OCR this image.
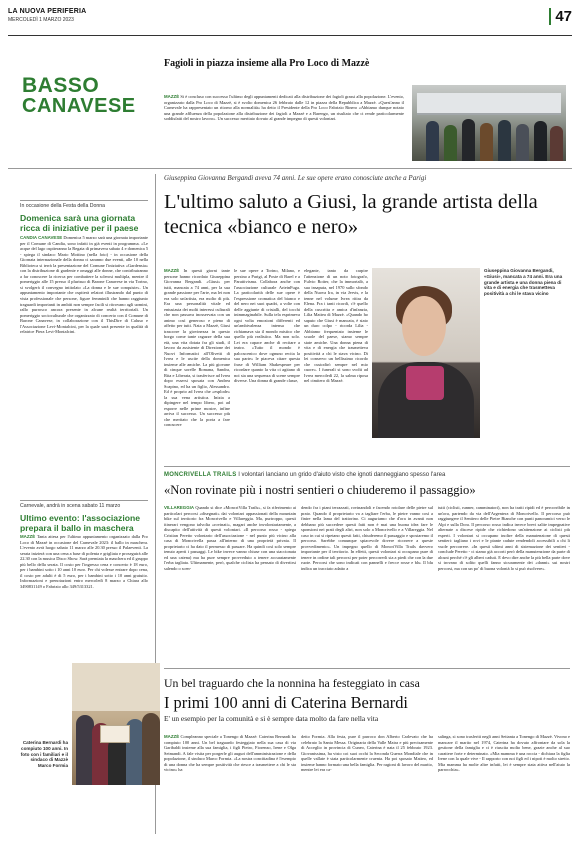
LA NUOVA PERIFERIA
MERCOLEDÌ 1 MARZO 2023	47
BASSO
CANAVESE
Fagioli in piazza insieme alla Pro Loco di Mazzè
MAZZÈ Si è concluso con successo l'ultimo degli appuntamenti dedicati alla distribuzione dei fagioli grassi alla popolazione. L'evento, organizzato dalla Pro Loco di Mazzè, si è svolto domenica 26 febbraio dalle 12 in piazza della Repubblica a Mazzè. «Quest'anno il Carnevale ha rappresentato un ritorno alla normalità» ha detto il Presidente della Pro Loco Fabrizio Rinero «Abbiamo dunque notato una grande affluenza della popolazione alla distribuzione dei fagioli a Mazzè e a Barengo, un risultato che ci rende particolarmente soddisfatti del nostro lavoro». Un successo meritato dovuto al grande impegno di questi volontari.
In occasione della Festa della Donna
Domenica sarà una giornata ricca di iniziative per il paese
CANDIA CANAVESE Domenica 5 marzo sarà una giornata importante per il Comune di Candia, sono infatti in già eventi in programma. «Le acque del lago ospiteranno la Regata di primavera sabato 4 e domenica 5 - spiega il sindaco Mario Mottino (nella foto) - in occasione della Giornata internazionale della donna ci saranno due eventi, alle 10 nella Biblioteca si terrà la presentazione del Comune l'iniziativa «Gardensia» con la distribuzione di gardenie e omaggi alle donne, che contribuiranno a far conoscere la ricerca per combattere la sclerosi multipla, mentre il pomeriggio alle 15 presso il plurisuo di Barone Canavese in via Torino, si svolgerà il convegno intitolato «La donna e le sue conquiste». Un appuntamento importante che ospiterà relatori illustrando dal punto di vista professionale che persone, figure femminili che hanno raggiunto traguardi importanti in ambiti non sempre facili si ritrovano agli uomini, rallo purrosco ancora presente in alcune realtà territoriali. Un pomeriggio socioculturale che organizzato di concerto con il Comune di Barone Canavese, in collaborazione con il ThisDire di Caluso e l'Associazione Levi-Montalcini, per la quale sarà presente in qualità di relatrice Piera Levi-Montalcini.
Carnevale, andrà in scena sabato 11 marzo
Ultimo evento: l'associazione prepara il ballo in maschera
MAZZÈ Tanta attesa per l'ultimo appuntamento organizzato dalla Pro Loco di Mazzè in occasione del Carnevale 2023: il ballo in maschera. L'evento avrà luogo sabato 11 marzo alle 20.30 presso il Palaeventi. La serata inizierà con una cena a base di polenta e grigliata e proseguirà alle 22.30 con la musica Disco Show. Sarà premiata la maschera ed il gruppo più bello della serata. Il costo per l'ingresso cena e concerto è 18 euro, per i bambini sotto i 10 anni 10 euro. Per chi volesse entrare dopo cena, il costo per adulti è di 5 euro, per i bambini sotto i 10 anni gratuito. Informazioni e prenotazioni entro mercoledì 8 marzo a Chiara allo 3490831149 o Fabrizio allo 349/5313321.
Giuseppina Giovanna Bergandi aveva 74 anni. Le sue opere erano conosciute anche a Parigi
L'ultimo saluto a Giusi, la grande artista della tecnica «bianco e nero»
MAZZÈ In questi giorni tante persone hanno ricordato Giuseppina Giovanna Bergandi. «Giusi» per tutti, mancata a 74 anni, per la sua grande passione per l'arte, ma lei non era solo un'artista, era molto di più. Era una personalità vitale ed entusiasta dei molti interessi culturali che non passava inosservata con un animo così generoso e pieno di affetto per tutti. Nata a Mazzè, Giusi trascorre la giovinezza in questo borgo come tante ragazze della sua età, una vita dotata fra gli studi, il lavoro da assistente di Direzione dei Nuovi Informatici all'Olivetti di Ivrea e le uscite della domenica insieme alle amiche. La più giovane di cinque sorelle Romana, Sandra, Rita e Liberata, si trasferisce ad Ivrea dopo essersi sposata con Andrea Scapino, ed ha un figlio, Alessandro. Ed è proprio ad Ivrea che «esplode» la sua vena artistica. Inizia a dipingere nel tempo libero, poi ad esporre nelle prime mostre, infine arriva il successo. Un successo più che meritato che la porta a fare conoscere
le sue opere a Torino, Milano, e persino a Parigi, al Poste di Barel e a Parattivisma. Collabora anche con l'associazione culturale ArteinFuga. La particolarità delle sue opere è l'espressione cromatica del bianco e del nero nei suoi quadri, a volte con delle aggiunte di cristalli, del tocchi inimmaginabile. Sulla tela esprimeva ogni volta emozioni differenti ed un'ambivalenza intensa che richiamava sia il mondo mistico che quello più realistico. Ma non solo. Lei era capace anche di recitare a teatro. «Tutto il mondo è palcoscenico dove ognuno recita la sua parte» le piaceva citare questa frase di William Shakespeare per ricordare quanto la vita ci agitano di noi sia una sequenza di scene sempre diverse. Una donna di grande classe,
elegante, tanto da carpire l'attenzione di un noto fotografo, Fulvio Roiter, che la immortalò, a sua insaputa, nel 1970 sullo sfondo della Nuova Ira, in via Jervis, e la tenne nel volume Ivrea ritira da Elena. Fra i tanti ricordi, c'è quello della cuscritta e amica d'infanzia, Lilia Mattea di Mazzè. «Quando ho saputo che Giusi è mancata, è stato un duro colpo - ricorda Lilia - Abbiamo frequentato insieme le scuole del paese, siamo sempre state amiche. Una donna piena di vita e di energia che trasmetteva positività a chi le stava vicino. Di lei conservo un bellissimo ricordo che custodirò sempre nel mio cuore». I funerali si sono svolti ad Ivrea mercoledì 22, la salma riposa nel cimitero di Mazzè.
Giuseppina Giovanna Bergandi, «Giusi», mancata a 74 anni. Era una grande artista e una donna piena di vita e di energia che trasmetteva positività a chi le stava vicino
MONCRIVELLA TRAILS I volontari lanciano un grido d'aiuto visto che ignoti danneggiano spesso l'area
«Non rovinate più i nostri sentieri o chiuderemo il passaggio»
VILLAREGGIA Quando si dice «MoncriVilla Trails», si fa riferimento ai particolari percorsi «disegnati» dai volontari appassionati della mountain bike sul territorio fra Moncrivello e Villareggia. Ma, purtroppo, questi itinerari vengono talvolta «rovinati», magari anche involontariamente, a discapito dell'attività di questi volontari. «Il percorso rosso - spiega Cristian Peretto volontario dell'associazione - nel punto più vicino alla casa di Moncrivella passa all'interno di una proprietà privata. Il proprietario ci ha dato il permesso di passare. Ha quindi così solo sempre tenuto aperti i passaggi. Le bike invece vanno chiuse con una staccionata ed una catena) ma ha pure sempre provveduto a tenere accuratamente l'erba tagliata. Ultimamente, però, qualche ciclista ha pensato di divertirsi salendo o scen-
dendo fra i piani terrazzati, rovinandoli e facendo rotolare delle pietre sul prato. Quando il proprietario va a tagliare l'erba, le pietre vanno così a finire nella lama del trattorino. Ci auguriamo che d'ora in avanti non debbano più succedere questi fatti non è mai una buona idea fare le sponsioni nei prati degli altri, non solo a Moncrivello e a Villareggia. Nel caso in cui si ripetano questi fatti, chiuderemo il passaggio e spostaremo il percorso. Sarebbe comunque spiacevole dovere ricorrere a queste provvedimento». Un impegno quello di MoncriVilla Trails davvero importante per il territorio. In effetti, questi volontari si occupano pure di tenere in ordine tali percorsi per poter percorrerli sia a piedi che con la due ruote. Percorsi che sono indicati con pannelli e frecce rosse e blu. Il blu indica un tracciato adatto a
tutti (ciclisti, runner, camminatori), non ha tratti ripidi ed è percorribile in un'ora, partendo da via dell'Argentera di Moncrivello. Il percorso può raggiungere il Sentiero delle Pietre Bianche con punti panoramici verso le Alpi e sulla Dora. Il percorso rosso indica invece brevi salite impegnative alternate a discese ripide che richiedono un'attenzione ai ciclisti più esperti. I volontari si occupano inoltre della manutenzione di questi sentieri: tagliano i rovi e le piante cadute rendendoli accessibili a chi li vuole percorrere. «In questi ultimi anni di sistemazione dei sentieri - conclude Peretto - ci siamo già accorti però della manutenzione da parte di alcuni perché c'è gli alberi caduti. E devo dire anche la più bella parte dove si trovano di solito quelli fanno sicuramente dei «danni» sui nostri percorsi, ma con un po' di buona volontà lo si può risolvere».
Caterina Bernardi ha compiuto 100 anni. In foto con i familiari e il sindaco di Mazzè Marco Formia
Un bel traguardo che la nonnina ha festeggiato in casa
I primi 100 anni di Caterina Bernardi
E' un esempio per la comunità e si è sempre data molto da fare nella vita
MAZZÈ Compleanno speciale a Tonengo di Mazzè: Caterina Bernardi ha compiuto 100 anni. Un bel traguardo festeggiato nella sua casa di via Garibaldi insieme alla sua famiglia, i figli Pietro, Fiorenzo, Irene e Olga Seimandi. A fale visita per porgerle gli auguri dell'amministrazione e della popolazione, il sindaco Marco Formia. «La nostra concittadina è l'esempio di una donna che ha sempre positività che riesce a trasmettere a chi le sta vicino» ha
detto Formia. Alla festa, pure il parroco don Alberto Carlevato che ha celebrato la Santa Messa. Originaria della Valle Maira e più precisamente di Acceglio in provincia di Cuneo, Caterina è nata il 25 febbraio 1923. Giovanissima, ha visto coi suoi occhi la Seconda Guerra Mondiale che in quelle vallate è stata particolarmente cruenta. Ha poi sposato Matteo, ed insieme hanno formato una bella famiglia. Per ragioni di lavoro del marito, mentre lei era ca-
salinga, si sono trasferiti negli anni Settanta a Tonengo di Mazzè. Vivono e mancare il marito nel 1974, Caterina ha dovuto affrontare da sola la gestione della famiglia e ci è riuscita molto bene, grazie anche al suo carattere forte e determinato. «Mia mamma è una roccia - dichiara la figlia Irene con la quale vive - Il rapporto con noi figli ed i nipoti è molto stretto. Mia mamma ha molte altre infatti, lei è sempre stata attiva nell'aiuto la parrocchia».
